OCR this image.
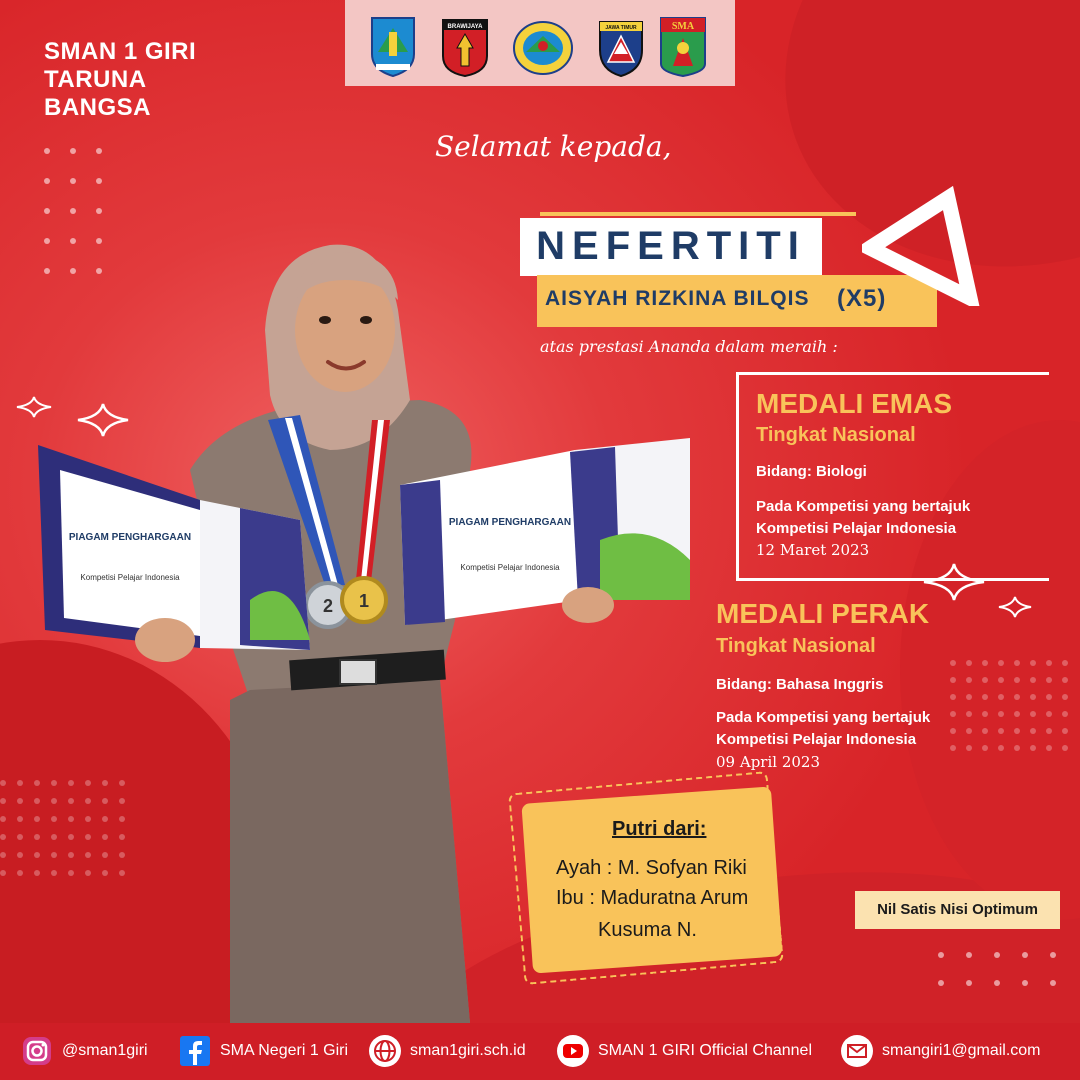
SMAN 1 GIRI
TARUNA
BANGSA
BRAWIJAYA	JAWA TIMUR	SMA
Selamat kepada,
NEFERTITI
AISYAH RIZKINA BILQIS (X5)
atas prestasi Ananda dalam meraih :
MEDALI EMAS
Tingkat Nasional
Bidang: Biologi
Pada Kompetisi yang bertajuk
Kompetisi Pelajar Indonesia
12 Maret 2023
MEDALI PERAK
Tingkat Nasional
Bidang: Bahasa Inggris
Pada Kompetisi yang bertajuk
Kompetisi Pelajar Indonesia
09 April 2023
2 1
PIAGAM PENGHARGAAN
Kompetisi Pelajar Indonesia
PIAGAM PENGHARGAAN
Kompetisi Pelajar Indonesia
Putri dari:
Ayah : M. Sofyan Riki
Ibu : Maduratna Arum
Kusuma N.
Nil Satis Nisi Optimum
@sman1giri	SMA Negeri 1 Giri	sman1giri.sch.id	SMAN 1 GIRI Official Channel	smangiri1@gmail.com
